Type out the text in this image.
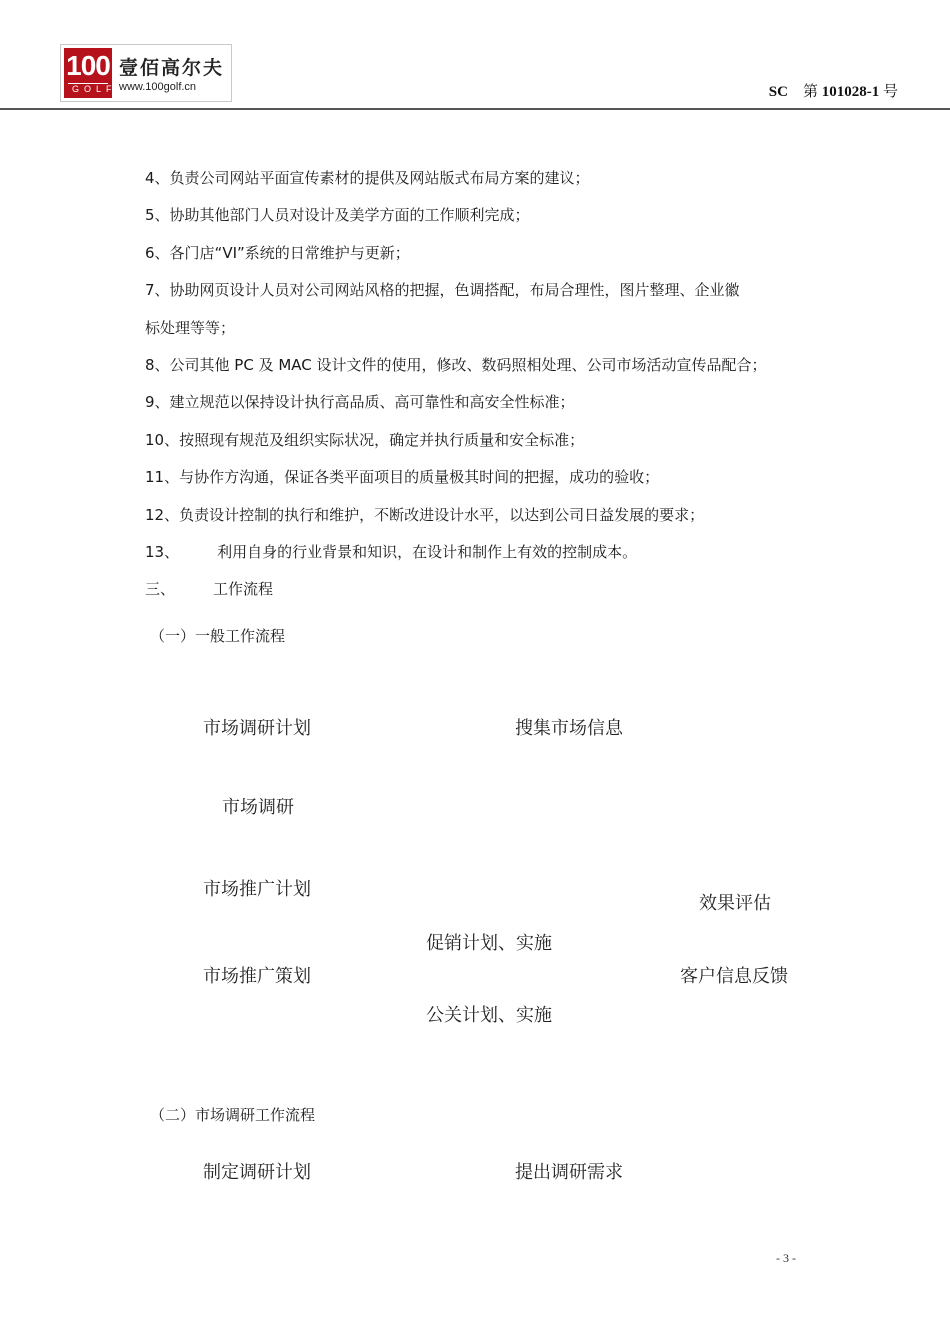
100
GOLF
壹佰高尔夫
www.100golf.cn	SC 第 101028-1 号
4、负责公司网站平面宣传素材的提供及网站版式布局方案的建议；
5、协助其他部门人员对设计及美学方面的工作顺利完成；
6、各门店“VI”系统的日常维护与更新；
7、协助网页设计人员对公司网站风格的把握，色调搭配，布局合理性，图片整理、企业徽
标处理等等；
8、公司其他 PC 及 MAC 设计文件的使用，修改、数码照相处理、公司市场活动宣传品配合；
9、建立规范以保持设计执行高品质、高可靠性和高安全性标准；
10、按照现有规范及组织实际状况，确定并执行质量和安全标准；
11、与协作方沟通，保证各类平面项目的质量极其时间的把握，成功的验收；
12、负责设计控制的执行和维护，不断改进设计水平，以达到公司日益发展的要求；
13、	利用自身的行业背景和知识，在设计和制作上有效的控制成本。
三、	工作流程
（一）一般工作流程
市场调研计划	搜集市场信息
市场调研
市场推广计划
效果评估
促销计划、实施
市场推广策划	客户信息反馈
公关计划、实施
（二）市场调研工作流程
制定调研计划	提出调研需求
- 3 -
